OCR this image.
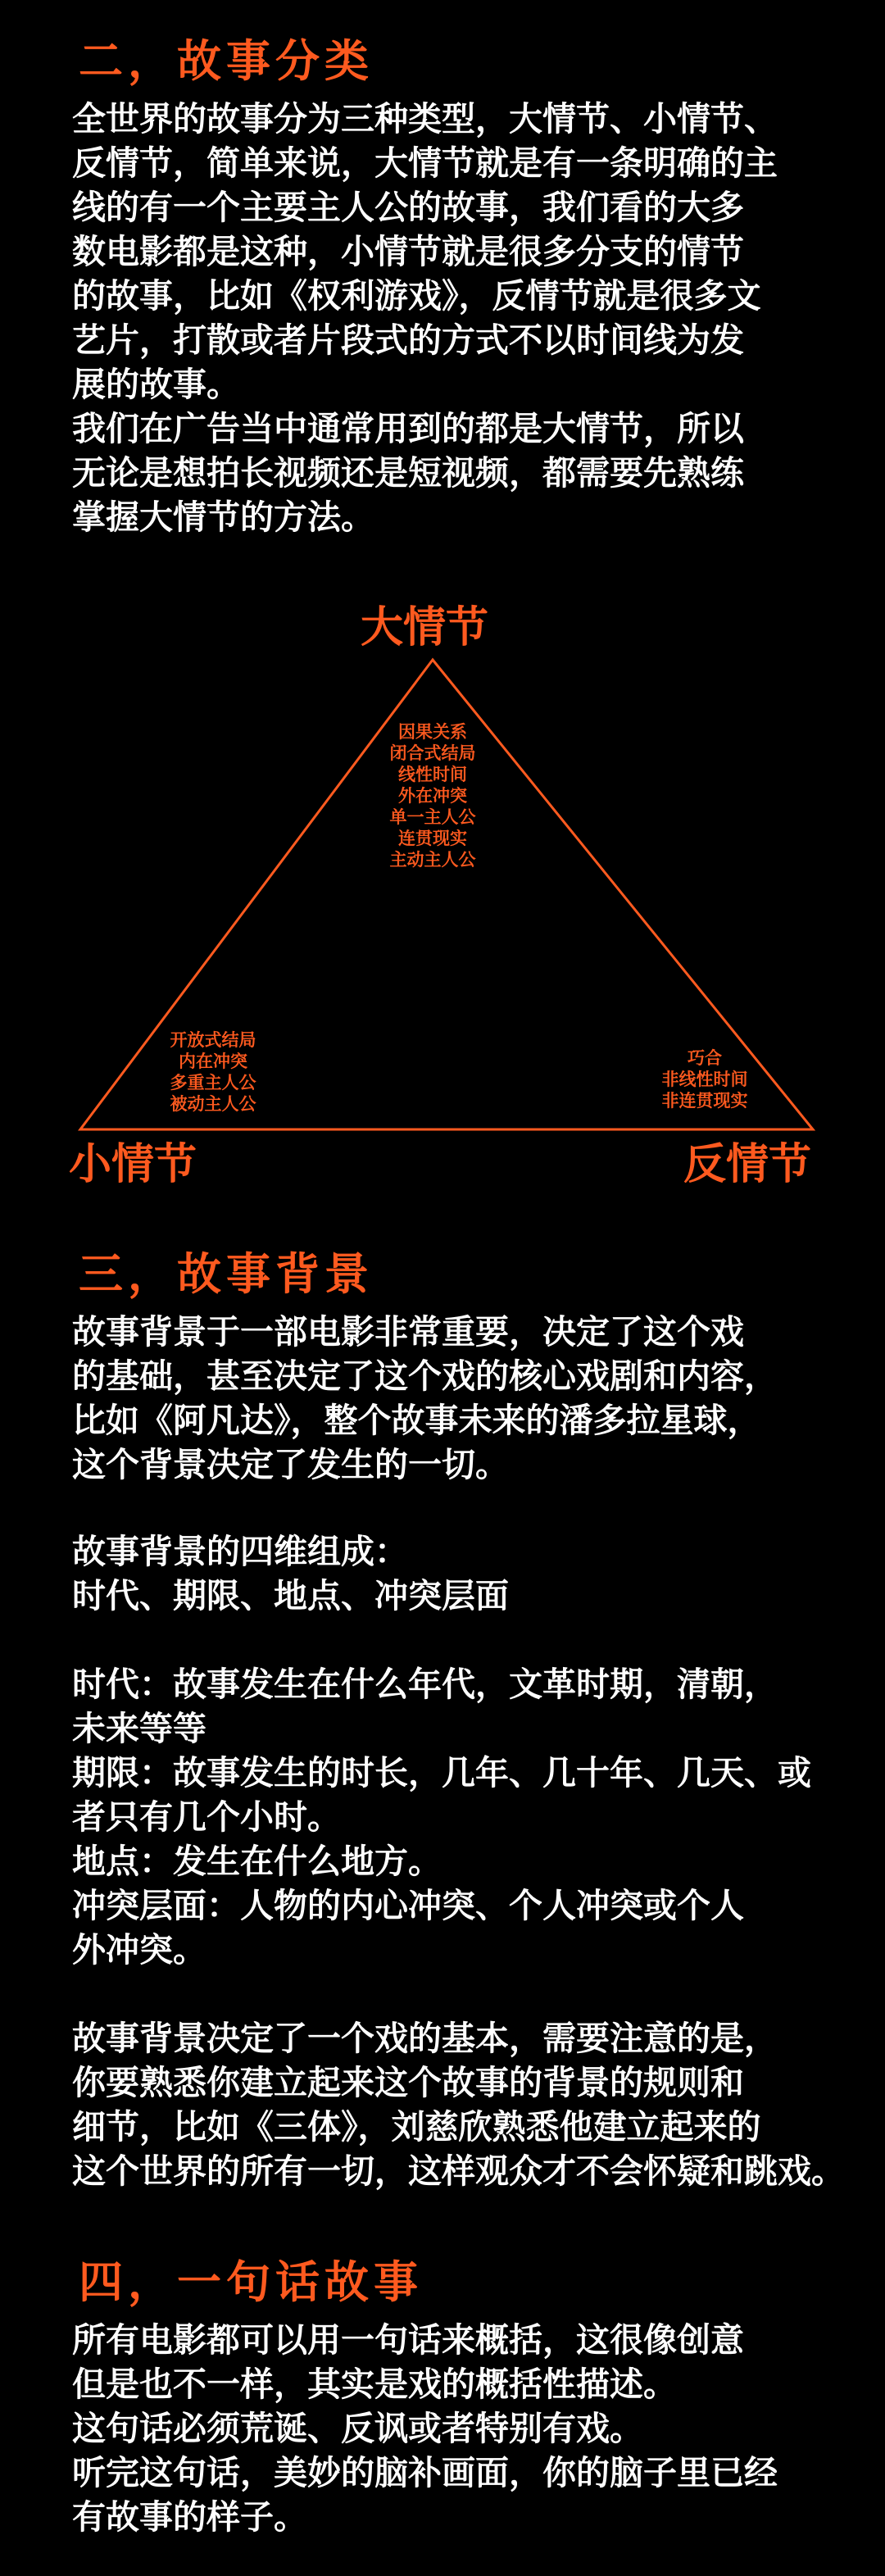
二，故事分类
全世界的故事分为三种类型，大情节、小情节、
反情节，简单来说，大情节就是有一条明确的主
线的有一个主要主人公的故事，我们看的大多
数电影都是这种，小情节就是很多分支的情节
的故事，比如《权利游戏》，反情节就是很多文
艺片，打散或者片段式的方式不以时间线为发
展的故事。
我们在广告当中通常用到的都是大情节，所以
无论是想拍长视频还是短视频，都需要先熟练
掌握大情节的方法。
大情节
小情节	反情节
因果关系
闭合式结局
线性时间
外在冲突
单一主人公
连贯现实
主动主人公
开放式结局
内在冲突
多重主人公
被动主人公
巧合
非线性时间
非连贯现实
三，故事背景
故事背景于一部电影非常重要，决定了这个戏
的基础，甚至决定了这个戏的核心戏剧和内容，
比如《阿凡达》，整个故事未来的潘多拉星球，
这个背景决定了发生的一切。
故事背景的四维组成：
时代、期限、地点、冲突层面
时代：故事发生在什么年代，文革时期，清朝，
未来等等
期限：故事发生的时长，几年、几十年、几天、或
者只有几个小时。
地点：发生在什么地方。
冲突层面：人物的内心冲突、个人冲突或个人
外冲突。
故事背景决定了一个戏的基本，需要注意的是，
你要熟悉你建立起来这个故事的背景的规则和
细节，比如《三体》，刘慈欣熟悉他建立起来的
这个世界的所有一切，这样观众才不会怀疑和跳戏。
四，一句话故事
所有电影都可以用一句话来概括，这很像创意
但是也不一样，其实是戏的概括性描述。
这句话必须荒诞、反讽或者特别有戏。
听完这句话，美妙的脑补画面，你的脑子里已经
有故事的样子。
